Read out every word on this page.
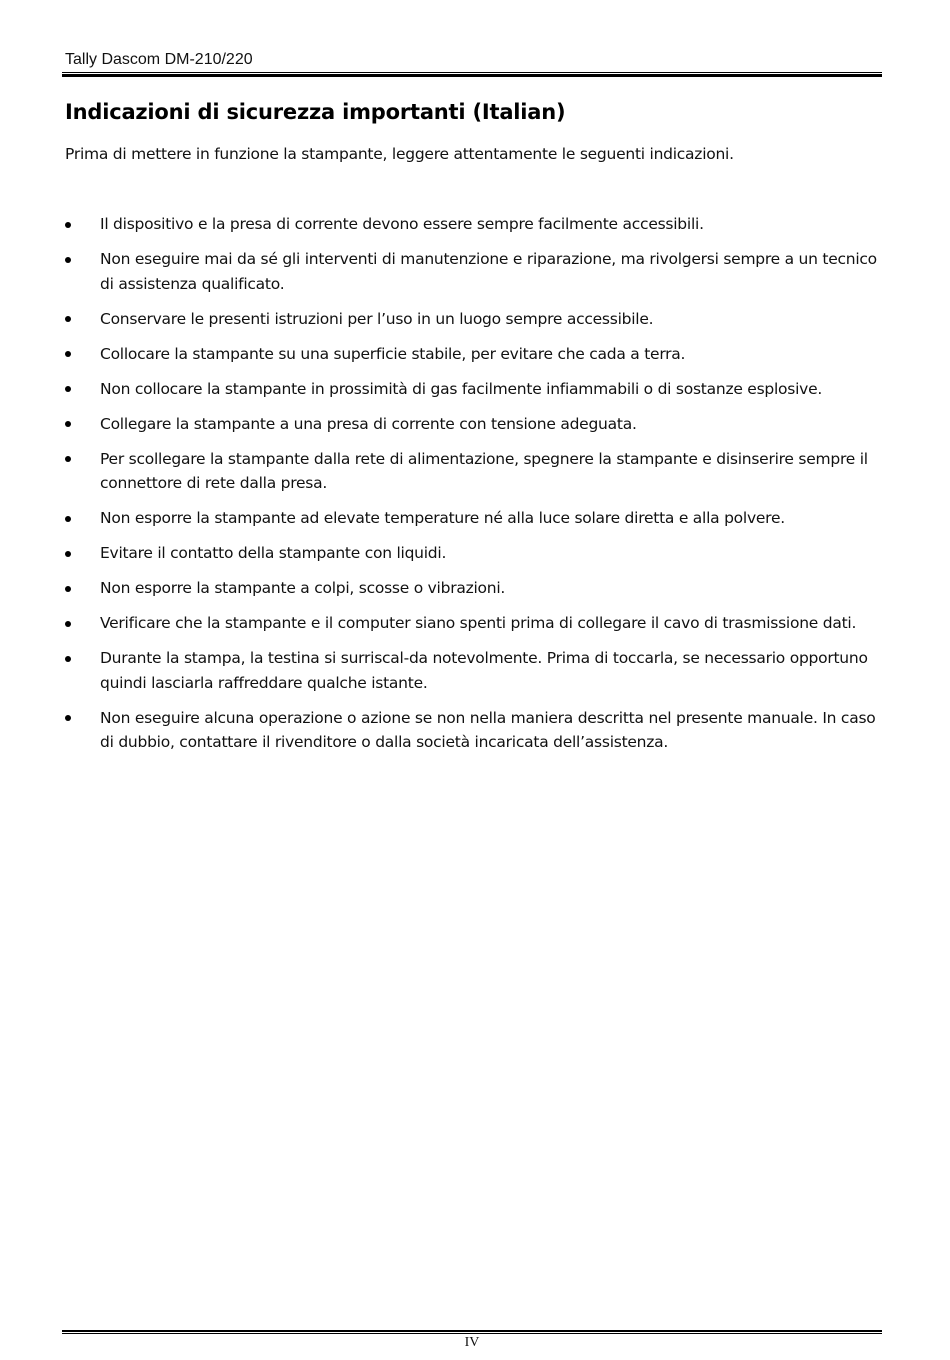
Tally Dascom DM-210/220
Indicazioni di sicurezza importanti (Italian)

Prima di mettere in funzione la stampante, leggere attentamente le seguenti indicazioni.

Il dispositivo e la presa di corrente devono essere sempre facilmente accessibili.
Non eseguire mai da sé gli interventi di manutenzione e riparazione, ma rivolgersi sempre a un tecnico di assistenza qualificato.
Conservare le presenti istruzioni per l’uso in un luogo sempre accessibile.
Collocare la stampante su una superficie stabile, per evitare che cada a terra.
Non collocare la stampante in prossimità di gas facilmente infiammabili o di sostanze esplosive.
Collegare la stampante a una presa di corrente con tensione adeguata.
Per scollegare la stampante dalla rete di alimentazione, spegnere la stampante e disinserire sempre il connettore di rete dalla presa.
Non esporre la stampante ad elevate temperature né alla luce solare diretta e alla polvere.
Evitare il contatto della stampante con liquidi.
Non esporre la stampante a colpi, scosse o vibrazioni.
Verificare che la stampante e il computer siano spenti prima di collegare il cavo di trasmissione dati.
Durante la stampa, la testina si surriscal-da notevolmente. Prima di toccarla, se necessario opportuno quindi lasciarla raffreddare qualche istante.
Non eseguire alcuna operazione o azione se non nella maniera descritta nel presente manuale. In caso di dubbio, contattare il rivenditore o dalla società incaricata dell’assistenza.
IV
